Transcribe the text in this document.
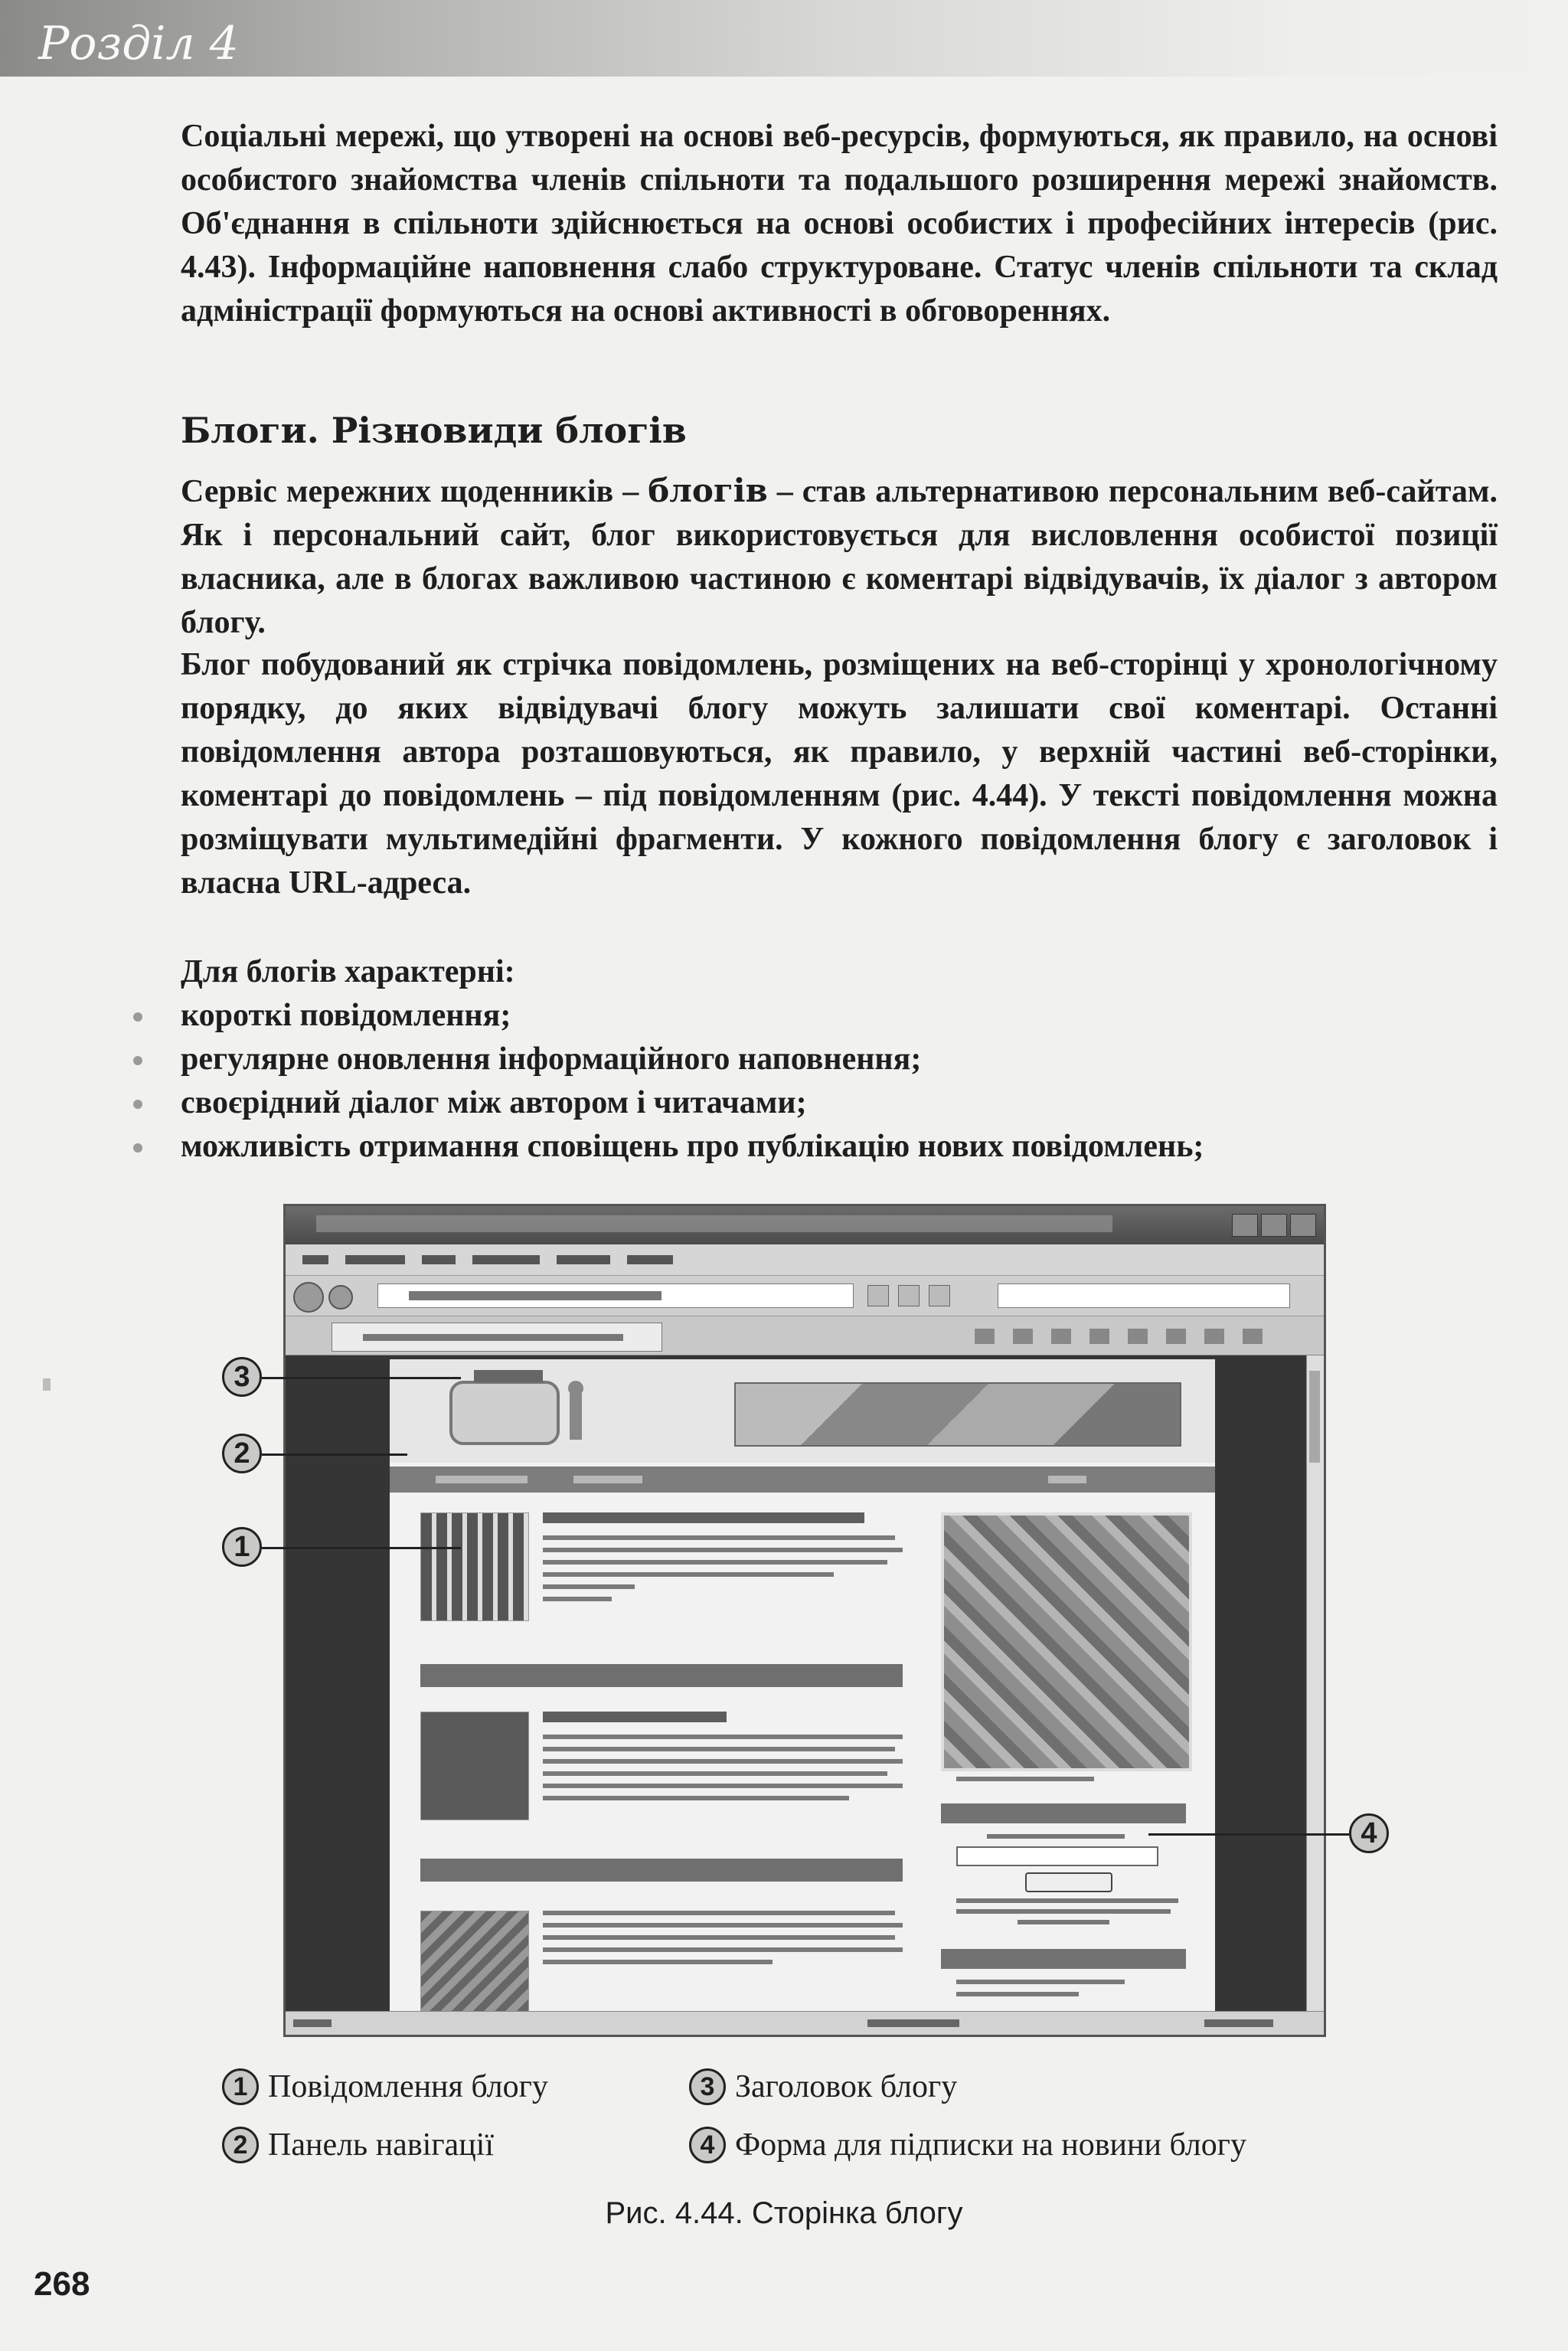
Розділ 4

Соціальні мережі, що утворені на основі веб-ресурсів, формуються, як правило, на основі особистого знайомства членів спільноти та подальшого розширення мережі знайомств. Об'єднання в спільноти здійснюється на основі особистих і професійних інтересів (рис. 4.43). Інформаційне наповнення слабо структуроване. Статус членів спільноти та склад адміністрації формуються на основі активності в обговореннях.

Блоги. Різновиди блогів

Сервіс мережних щоденників – блогів – став альтернативою персональним веб-сайтам. Як і персональний сайт, блог використовується для висловлення особистої позиції власника, але в блогах важливою частиною є коментарі відвідувачів, їх діалог з автором блогу.

Блог побудований як стрічка повідомлень, розміщених на веб-сторінці у хронологічному порядку, до яких відвідувачі блогу можуть залишати свої коментарі. Останні повідомлення автора розташовуються, як правило, у верхній частині веб-сторінки, коментарі до повідомлень – під повідомленням (рис. 4.44). У тексті повідомлення можна розміщувати мультимедійні фрагменти. У кожного повідомлення блогу є заголовок і власна URL-адреса.

Для блогів характерні:

короткі повідомлення;
регулярне оновлення інформаційного наповнення;
своєрідний діалог між автором і читачами;
можливість отримання сповіщень про публікацію нових повідомлень;
3
2
1
4
1 Повідомлення блогу	3 Заголовок блогу
2 Панель навігації	4 Форма для підписки на новини блогу
Рис. 4.44. Сторінка блогу
268
